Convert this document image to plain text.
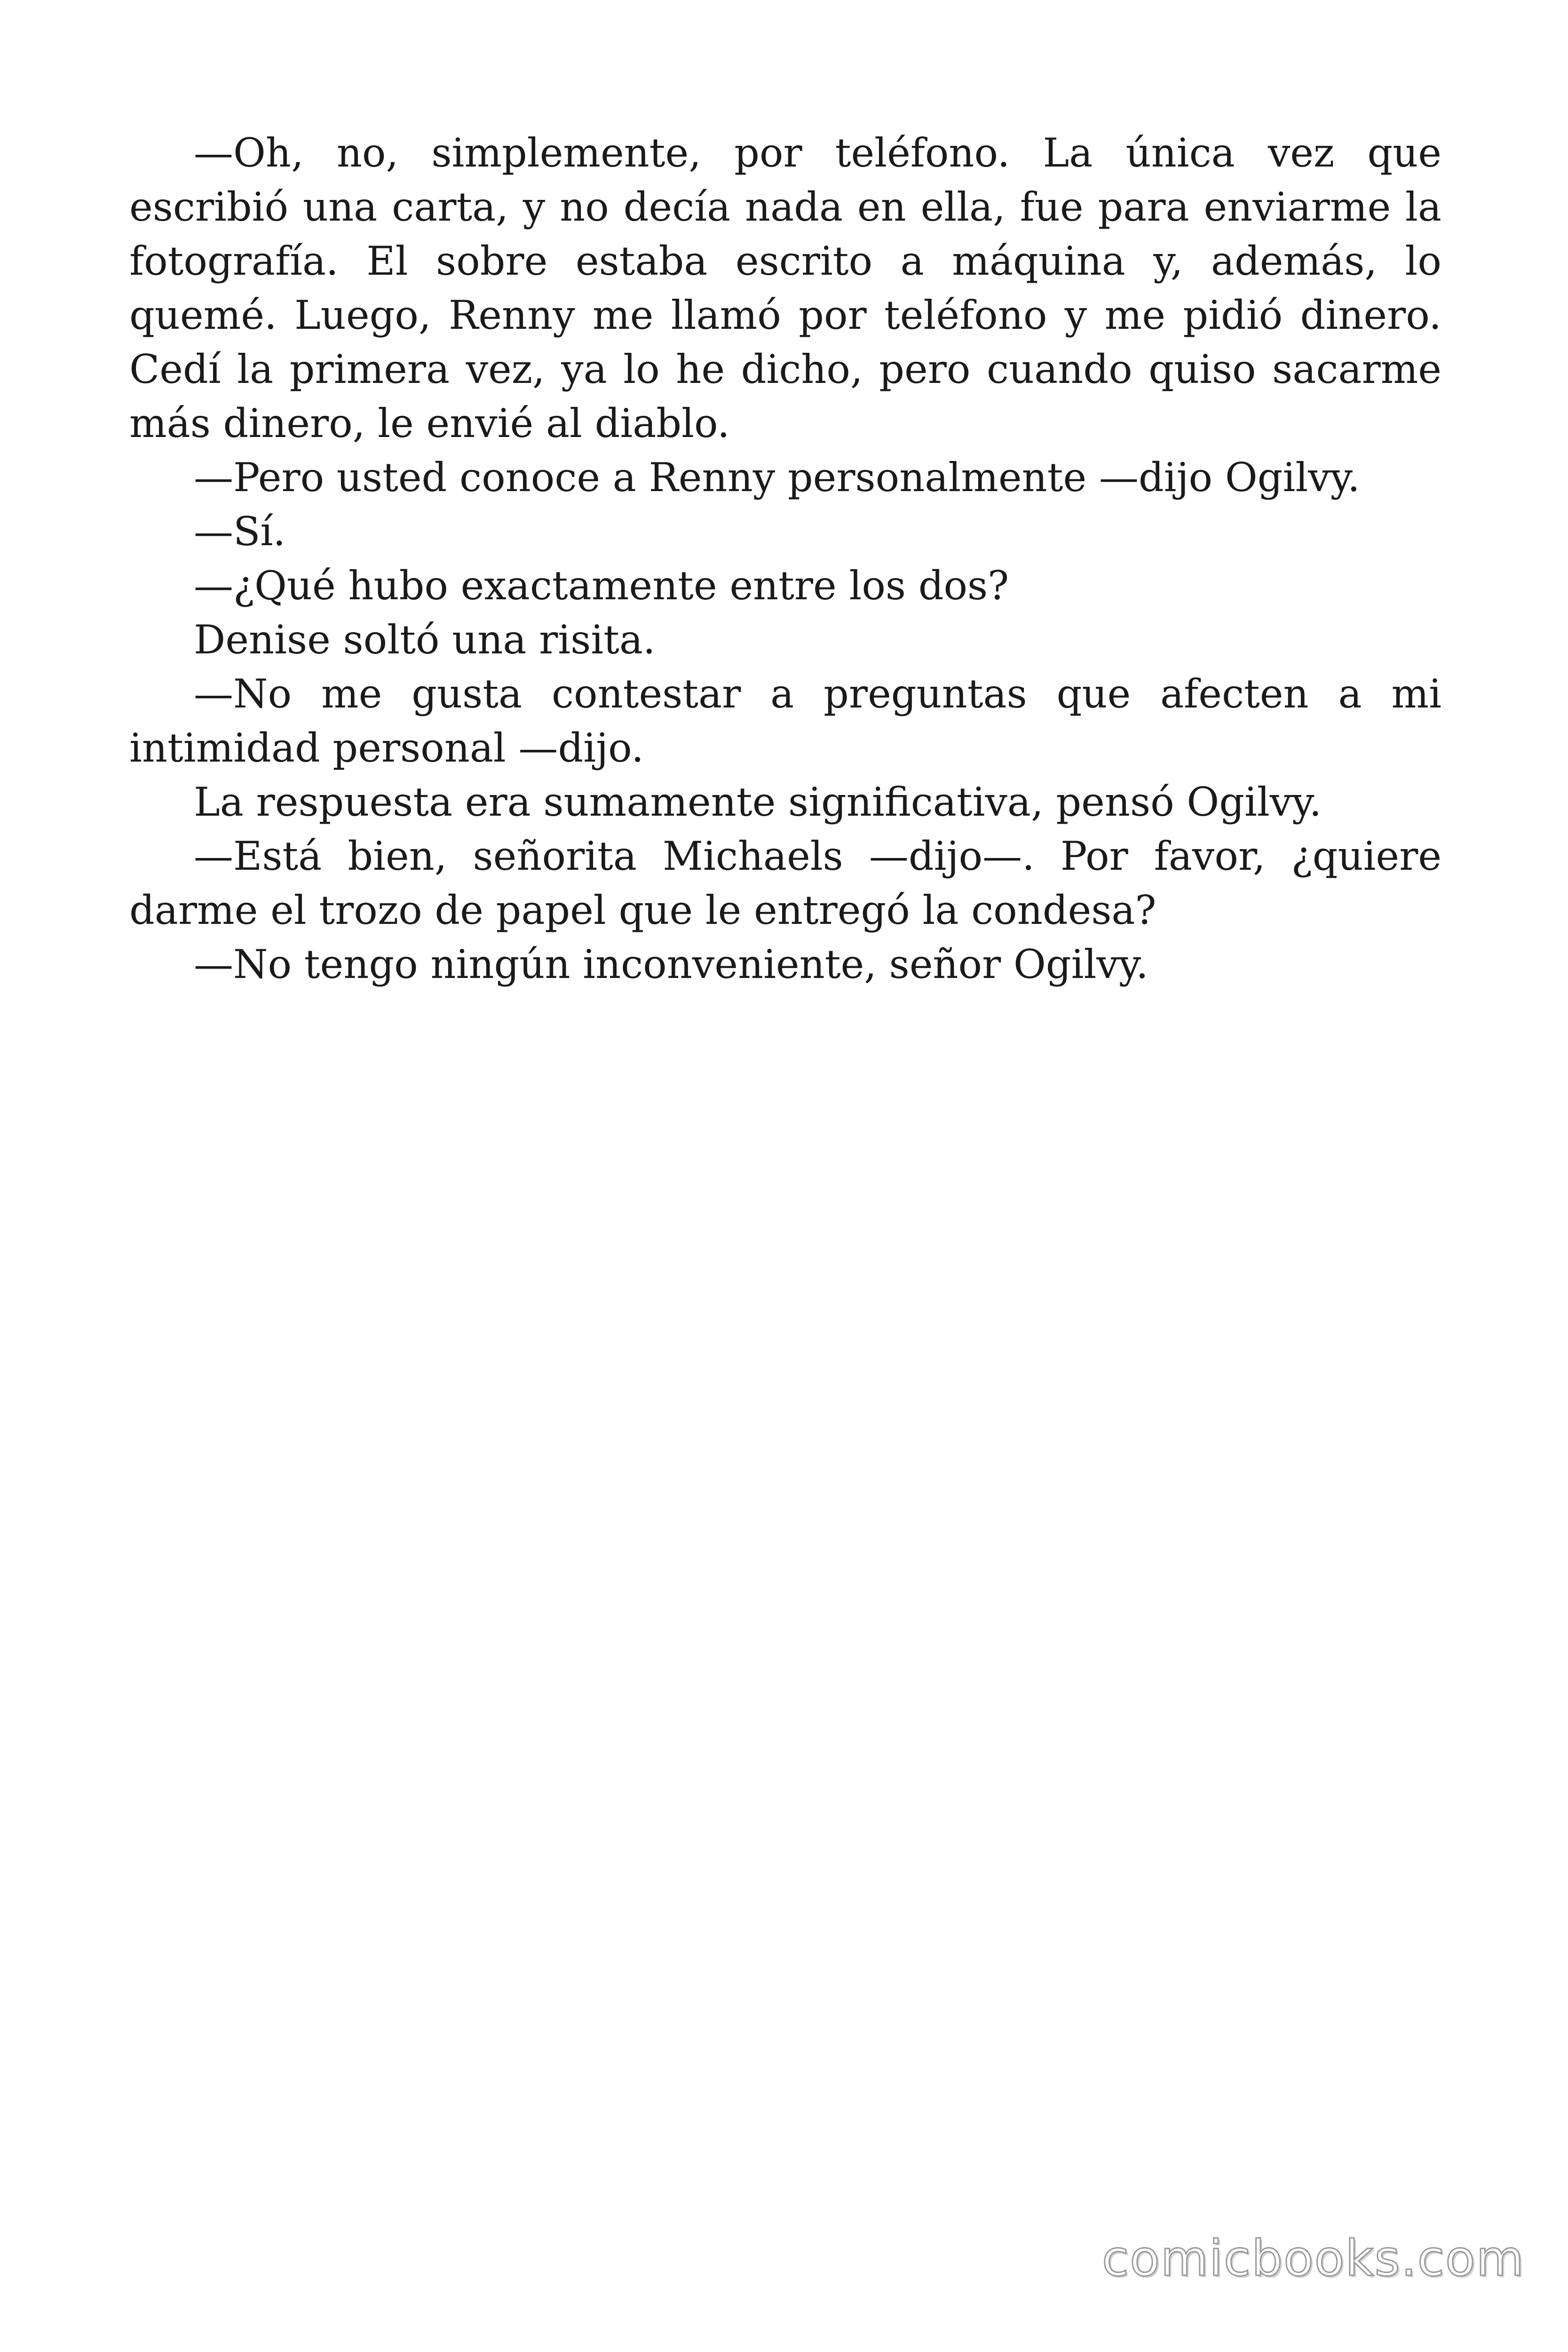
—Oh, no, simplemente, por teléfono. La única vez que escribió una carta, y no decía nada en ella, fue para enviarme la fotografía. El sobre estaba escrito a máquina y, además, lo quemé. Luego, Renny me llamó por teléfono y me pidió dinero. Cedí la primera vez, ya lo he dicho, pero cuando quiso sacarme más dinero, le envié al diablo.

—Pero usted conoce a Renny personalmente —dijo Ogilvy.

—Sí.

—¿Qué hubo exactamente entre los dos?

Denise soltó una risita.

—No me gusta contestar a preguntas que afecten a mi intimidad personal —dijo.

La respuesta era sumamente significativa, pensó Ogilvy.

—Está bien, señorita Michaels —dijo—. Por favor, ¿quiere darme el trozo de papel que le entregó la condesa?

—No tengo ningún inconveniente, señor Ogilvy.

comicbooks.com
